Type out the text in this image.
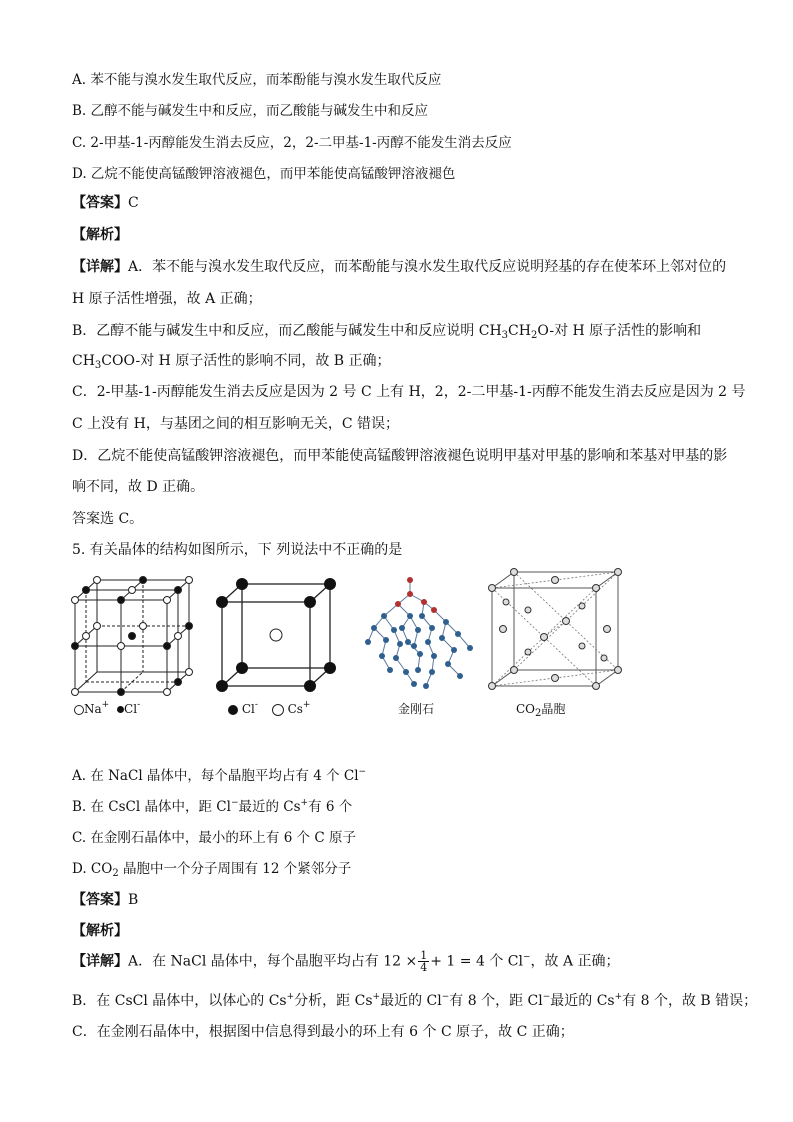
A. 苯不能与溴水发生取代反应，而苯酚能与溴水发生取代反应
B. 乙醇不能与碱发生中和反应，而乙酸能与碱发生中和反应
C. 2-甲基-1-丙醇能发生消去反应，2，2-二甲基-1-丙醇不能发生消去反应
D. 乙烷不能使高锰酸钾溶液褪色，而甲苯能使高锰酸钾溶液褪色
【答案】C
【解析】
【详解】A．苯不能与溴水发生取代反应，而苯酚能与溴水发生取代反应说明羟基的存在使苯环上邻对位的
H 原子活性增强，故 A 正确；
B．乙醇不能与碱发生中和反应，而乙酸能与碱发生中和反应说明 $CH_3CH_2O-$对 H 原子活性的影响和
$CH_3COO-$对 H 原子活性的影响不同，故 B 正确；
C．2-甲基-1-丙醇能发生消去反应是因为 2 号 C 上有 H，2，2-二甲基-1-丙醇不能发生消去反应是因为 2 号
C 上没有 H，与基团之间的相互影响无关，C 错误；
D．乙烷不能使高锰酸钾溶液褪色，而甲苯能使高锰酸钾溶液褪色说明甲基对甲基的影响和苯基对甲基的影
响不同，故 D 正确。
答案选 C。
5. 有关晶体的结构如图所示，下 列说法中不正确的是
Na+ Cl-	Cl- Cs+	金刚石	$CO_2$晶胞
A. 在 NaCl 晶体中，每个晶胞平均占有 4 个 Cl−
B. 在 CsCl 晶体中，距 Cl−最近的 Cs+有 6 个
C. 在金刚石晶体中，最小的环上有 6 个 C 原子
D. $CO_2$ 晶胞中一个分子周围有 12 个紧邻分子
【答案】B
【解析】
【详解】A．在 NaCl 晶体中，每个晶胞平均占有 $12 \times \frac{1}{4} + 1 = 4$ 个 Cl−，故 A 正确；
B．在 CsCl 晶体中，以体心的 Cs+分析，距 Cs+最近的 Cl−有 8 个，距 Cl−最近的 Cs+有 8 个，故 B 错误；
C．在金刚石晶体中，根据图中信息得到最小的环上有 6 个 C 原子，故 C 正确；
